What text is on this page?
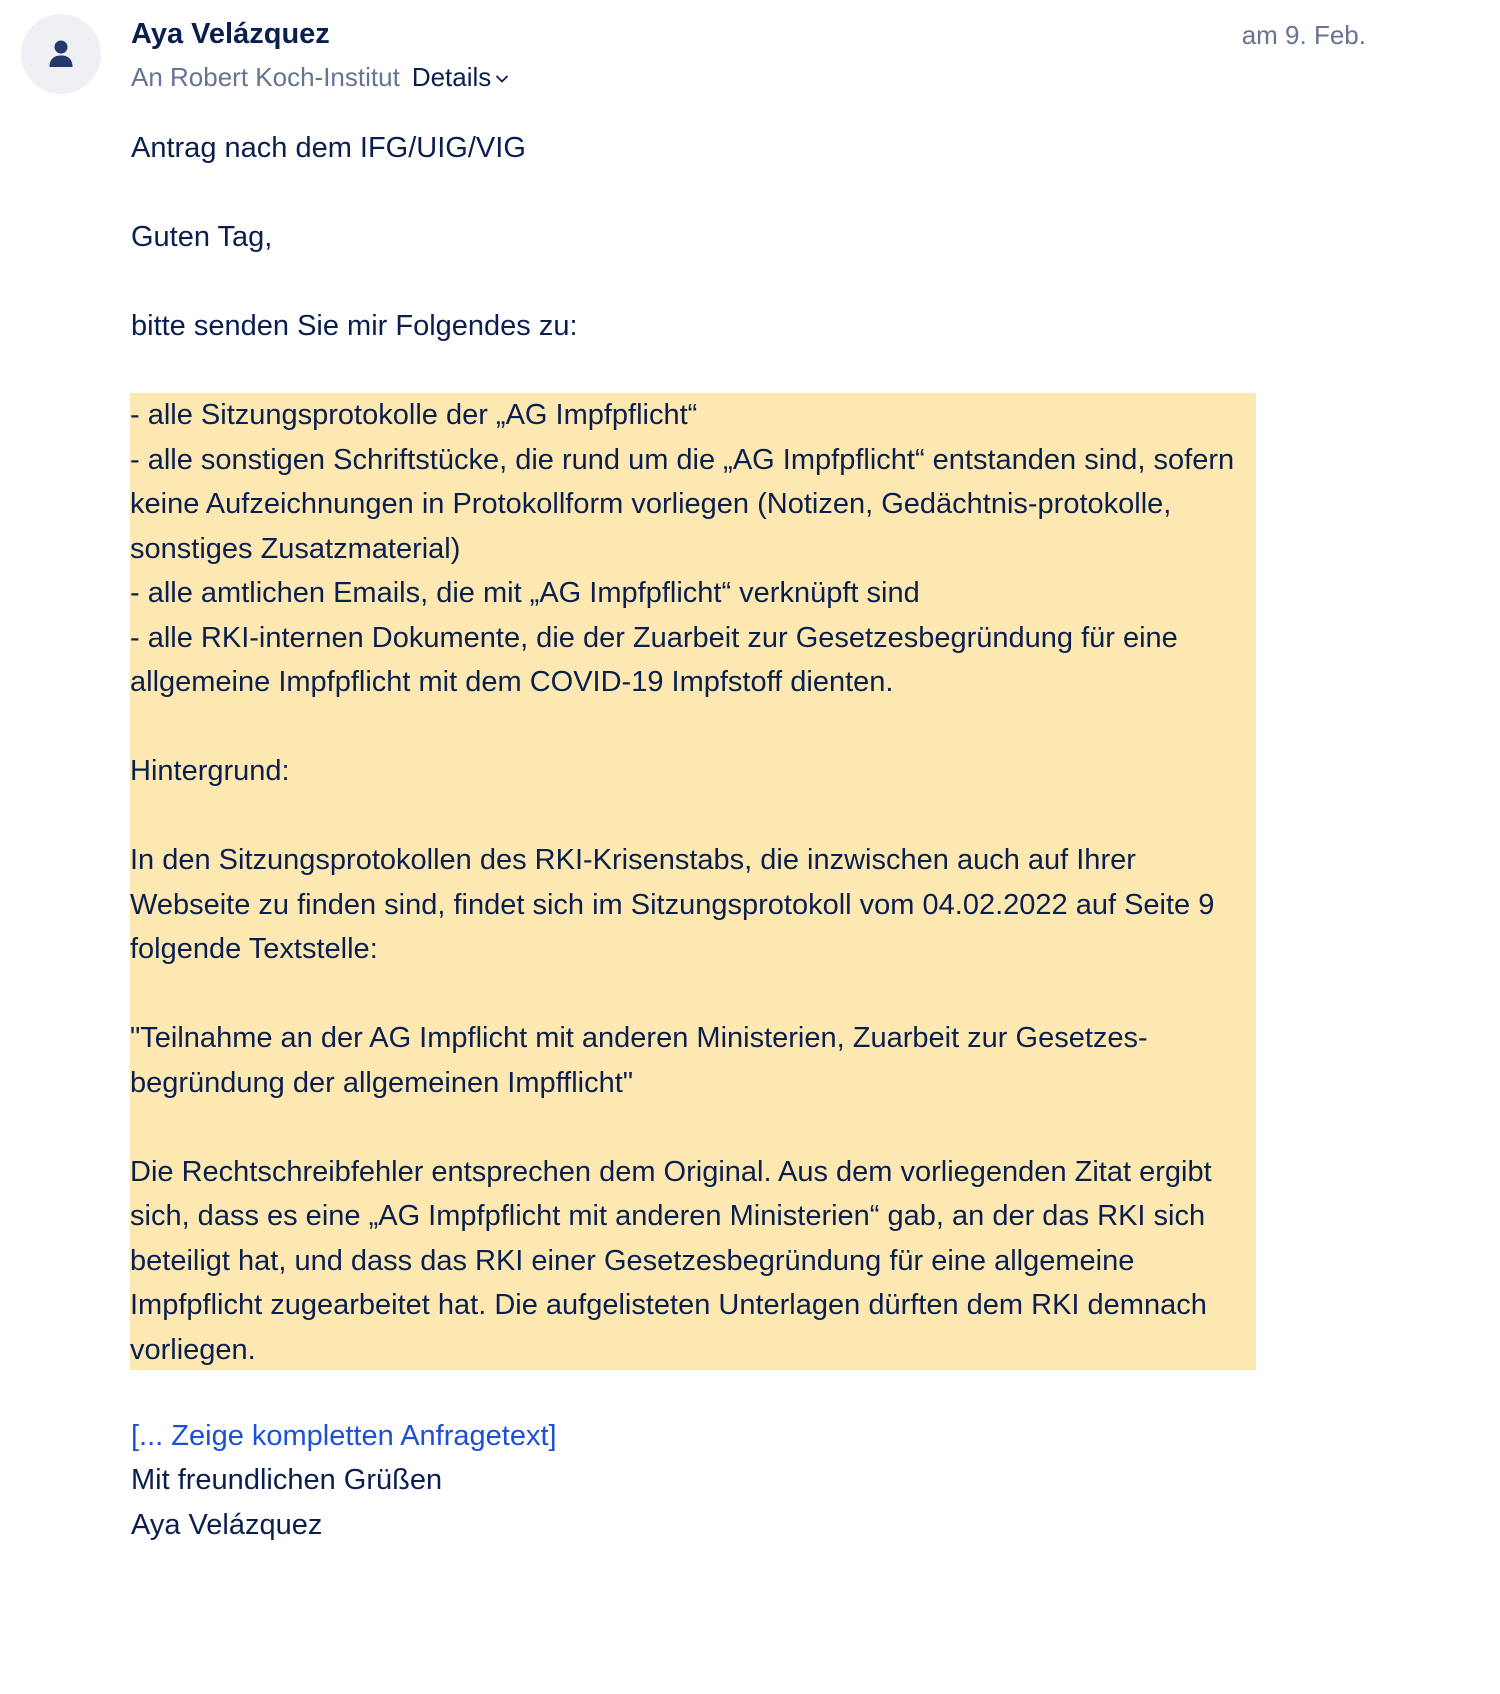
Aya Velázquez
An Robert Koch-Institut Details
am 9. Feb.
Antrag nach dem IFG/UIG/VIG
Guten Tag,
bitte senden Sie mir Folgendes zu:

- alle Sitzungsprotokolle der „AG Impfpflicht“

- alle sonstigen Schriftstücke, die rund um die „AG Impfpflicht“ entstanden sind, sofern keine Aufzeichnungen in Protokollform vorliegen (Notizen, Gedächtnis-protokolle, sonstiges Zusatzmaterial)

- alle amtlichen Emails, die mit „AG Impfpflicht“ verknüpft sind

- alle RKI-internen Dokumente, die der Zuarbeit zur Gesetzesbegründung für eine allgemeine Impfpflicht mit dem COVID-19 Impfstoff dienten.

Hintergrund:

In den Sitzungsprotokollen des RKI-Krisenstabs, die inzwischen auch auf Ihrer Webseite zu finden sind, findet sich im Sitzungsprotokoll vom 04.02.2022 auf Seite 9 folgende Textstelle:

"Teilnahme an der AG Impflicht mit anderen Ministerien, Zuarbeit zur Gesetzes-begründung der allgemeinen Impfflicht"

Die Rechtschreibfehler entsprechen dem Original. Aus dem vorliegenden Zitat ergibt sich, dass es eine „AG Impfpflicht mit anderen Ministerien“ gab, an der das RKI sich beteiligt hat, und dass das RKI einer Gesetzesbegründung für eine allgemeine Impfpflicht zugearbeitet hat. Die aufgelisteten Unterlagen dürften dem RKI demnach vorliegen.

[... Zeige kompletten Anfragetext]
Mit freundlichen Grüßen
Aya Velázquez
